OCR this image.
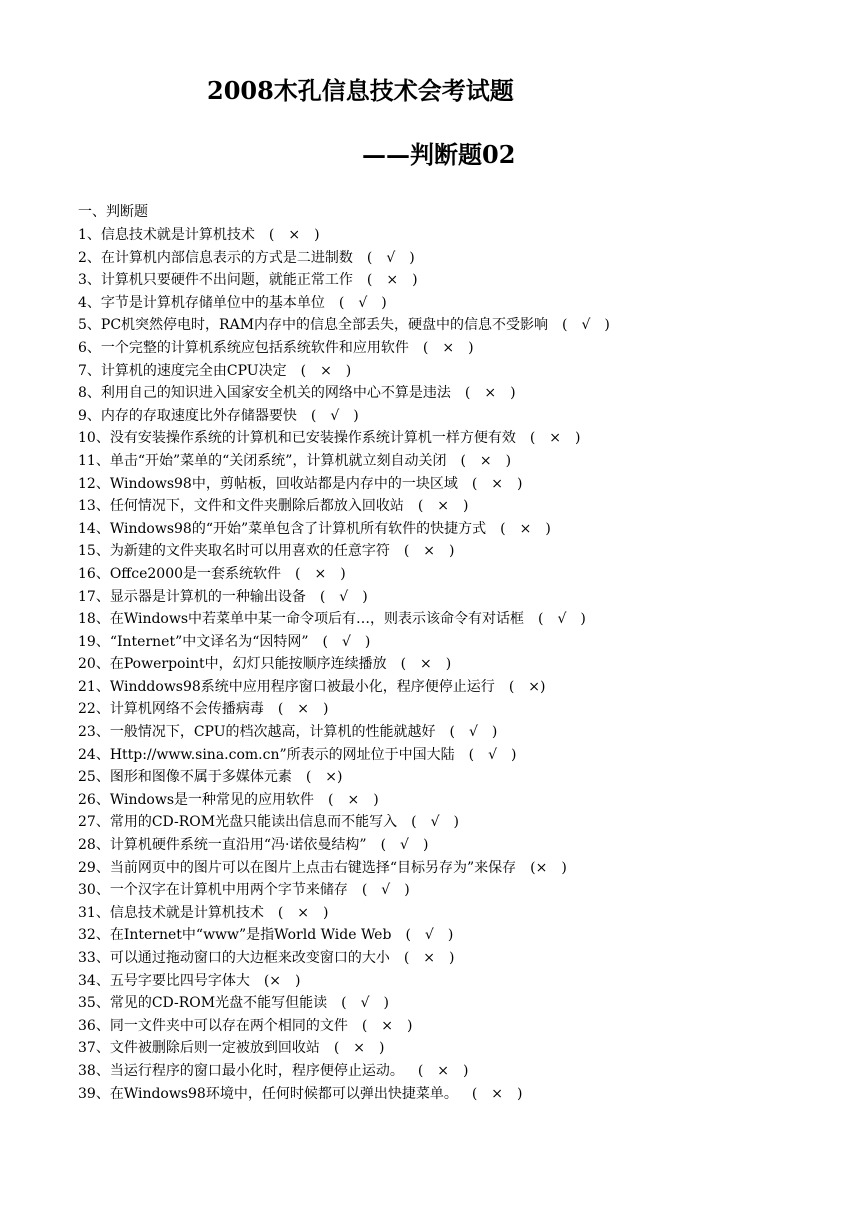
2008木孔信息技术会考试题
——判断题02
一、判断题
1、信息技术就是计算机技术 (　×　)
2、在计算机内部信息表示的方式是二进制数 (　√　)
3、计算机只要硬件不出问题，就能正常工作 (　×　)
4、字节是计算机存储单位中的基本单位 (　√　)
5、PC机突然停电时，RAM内存中的信息全部丢失，硬盘中的信息不受影响 (　√　)
6、一个完整的计算机系统应包括系统软件和应用软件 (　×　)
7、计算机的速度完全由CPU决定 (　×　)
8、利用自己的知识进入国家安全机关的网络中心不算是违法 (　×　)
9、内存的存取速度比外存储器要快 (　√　)
10、没有安装操作系统的计算机和已安装操作系统计算机一样方便有效 (　×　)
11、单击“开始”菜单的“关闭系统”，计算机就立刻自动关闭 (　×　)
12、Windows98中，剪帖板，回收站都是内存中的一块区域 (　×　)
13、任何情况下，文件和文件夹删除后都放入回收站 (　×　)
14、Windows98的“开始”菜单包含了计算机所有软件的快捷方式 (　×　)
15、为新建的文件夹取名时可以用喜欢的任意字符 (　×　)
16、Offce2000是一套系统软件 (　×　)
17、显示器是计算机的一种输出设备 (　√　)
18、在Windows中若菜单中某一命令项后有…，则表示该命令有对话框 (　√　)
19、“Internet”中文译名为“因特网” (　√　)
20、在Powerpoint中，幻灯只能按顺序连续播放 (　×　)
21、Winddows98系统中应用程序窗口被最小化，程序便停止运行 (　×)
22、计算机网络不会传播病毒 (　×　)
23、一般情况下，CPU的档次越高，计算机的性能就越好 (　√　)
24、Http://www.sina.com.cn”所表示的网址位于中国大陆 (　√　)
25、图形和图像不属于多媒体元素 (　×)
26、Windows是一种常见的应用软件 (　×　)
27、常用的CD-ROM光盘只能读出信息而不能写入 (　√　)
28、计算机硬件系统一直沿用“冯·诺依曼结构” (　√　)
29、当前网页中的图片可以在图片上点击右键选择“目标另存为”来保存 (×　)
30、一个汉字在计算机中用两个字节来储存 (　√　)
31、信息技术就是计算机技术 (　×　)
32、在Internet中“www”是指World Wide Web (　√　)
33、可以通过拖动窗口的大边框来改变窗口的大小 (　×　)
34、五号字要比四号字体大 (×　)
35、常见的CD-ROM光盘不能写但能读 (　√　)
36、同一文件夹中可以存在两个相同的文件 (　×　)
37、文件被删除后则一定被放到回收站 (　×　)
38、当运行程序的窗口最小化时，程序便停止运动。 (　×　)
39、在Windows98环境中，任何时候都可以弹出快捷菜单。 (　×　)
